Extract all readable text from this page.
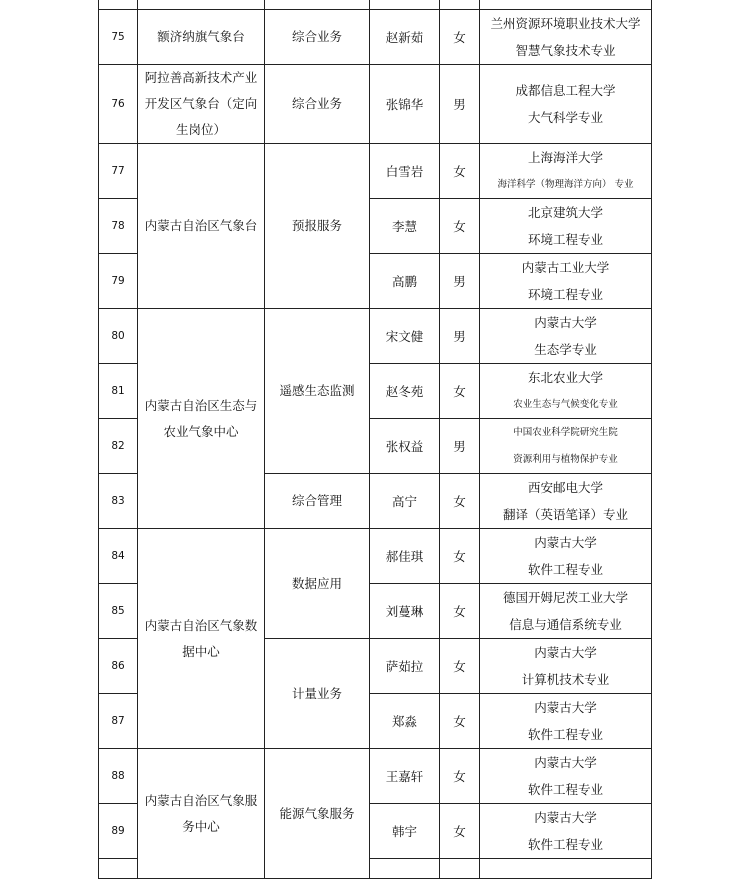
75	额济纳旗气象台	综合业务	赵新茹	女	兰州资源环境职业技术大学
智慧气象技术专业

76	阿拉善高新技术产业开发区气象台（定向生岗位）	综合业务	张锦华	男	成都信息工程大学
大气科学专业

77	内蒙古自治区气象台	预报服务	白雪岩	女	上海海洋大学
海洋科学（物理海洋方向） 专业

78			李慧	女	北京建筑大学
环境工程专业

79			高鹏	男	内蒙古工业大学
环境工程专业

80	内蒙古自治区生态与农业气象中心	遥感生态监测	宋文健	男	内蒙古大学
生态学专业

81			赵冬苑	女	东北农业大学
农业生态与气候变化专业

82			张权益	男	中国农业科学院研究生院
资源利用与植物保护专业

83		综合管理	高宁	女	西安邮电大学
翻译（英语笔译）专业

84	内蒙古自治区气象数据中心	数据应用	郝佳琪	女	内蒙古大学
软件工程专业

85			刘蔓琳	女	德国开姆尼茨工业大学
信息与通信系统专业

86		计量业务	萨茹拉	女	内蒙古大学
计算机技术专业

87			郑淼	女	内蒙古大学
软件工程专业

88	内蒙古自治区气象服务中心	能源气象服务	王嘉轩	女	内蒙古大学
软件工程专业

89			韩宇	女	内蒙古大学
软件工程专业
